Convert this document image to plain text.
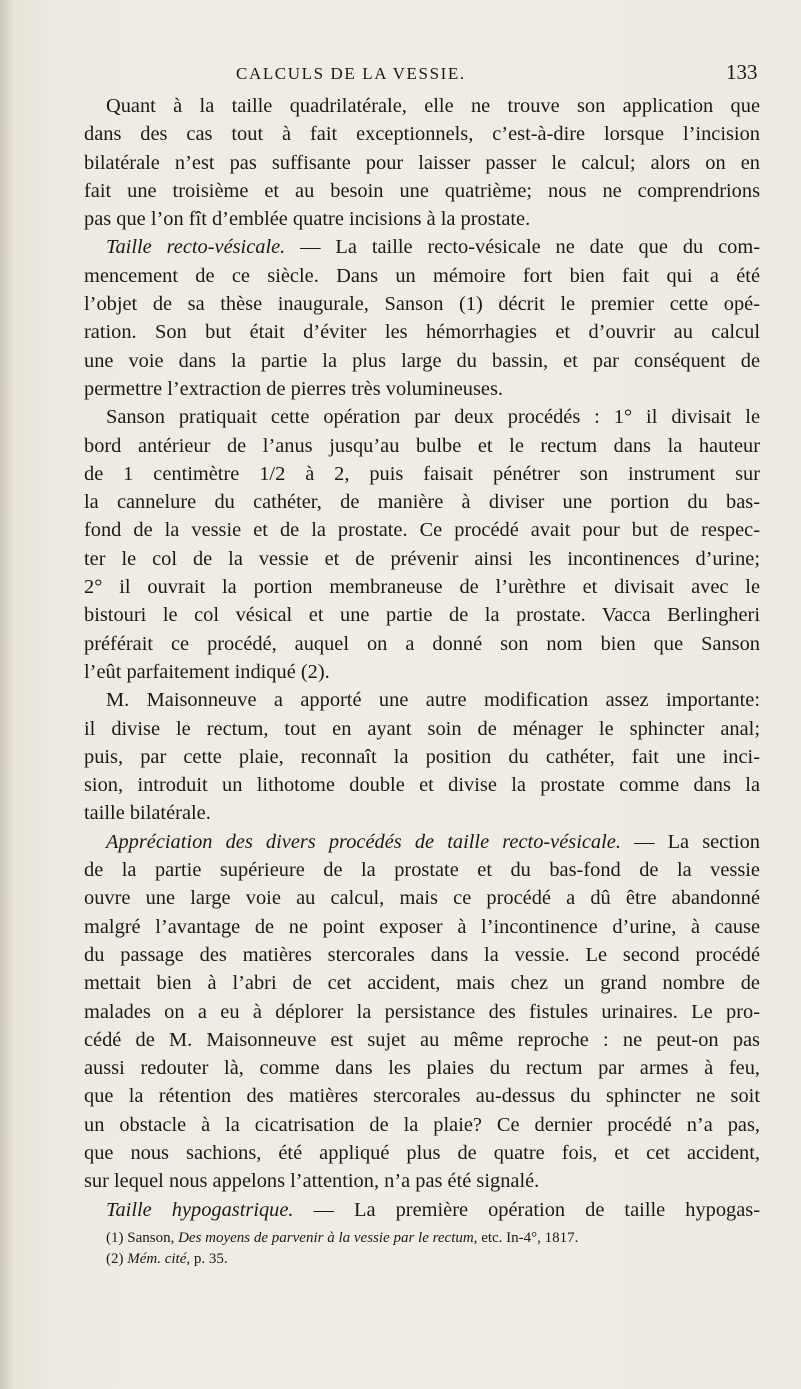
CALCULS DE LA VESSIE.	133
Quant à la taille quadrilatérale, elle ne trouve son application que
dans des cas tout à fait exceptionnels, c’est-à-dire lorsque l’incision
bilatérale n’est pas suffisante pour laisser passer le calcul; alors on en
fait une troisième et au besoin une quatrième; nous ne comprendrions
pas que l’on fît d’emblée quatre incisions à la prostate.
Taille recto-vésicale. — La taille recto-vésicale ne date que du com-
mencement de ce siècle. Dans un mémoire fort bien fait qui a été
l’objet de sa thèse inaugurale, Sanson (1) décrit le premier cette opé-
ration. Son but était d’éviter les hémorrhagies et d’ouvrir au calcul
une voie dans la partie la plus large du bassin, et par conséquent de
permettre l’extraction de pierres très volumineuses.
Sanson pratiquait cette opération par deux procédés : 1° il divisait le
bord antérieur de l’anus jusqu’au bulbe et le rectum dans la hauteur
de 1 centimètre 1/2 à 2, puis faisait pénétrer son instrument sur
la cannelure du cathéter, de manière à diviser une portion du bas-
fond de la vessie et de la prostate. Ce procédé avait pour but de respec-
ter le col de la vessie et de prévenir ainsi les incontinences d’urine;
2° il ouvrait la portion membraneuse de l’urèthre et divisait avec le
bistouri le col vésical et une partie de la prostate. Vacca Berlingheri
préférait ce procédé, auquel on a donné son nom bien que Sanson
l’eût parfaitement indiqué (2).
M. Maisonneuve a apporté une autre modification assez importante:
il divise le rectum, tout en ayant soin de ménager le sphincter anal;
puis, par cette plaie, reconnaît la position du cathéter, fait une inci-
sion, introduit un lithotome double et divise la prostate comme dans la
taille bilatérale.
Appréciation des divers procédés de taille recto-vésicale. — La section
de la partie supérieure de la prostate et du bas-fond de la vessie
ouvre une large voie au calcul, mais ce procédé a dû être abandonné
malgré l’avantage de ne point exposer à l’incontinence d’urine, à cause
du passage des matières stercorales dans la vessie. Le second procédé
mettait bien à l’abri de cet accident, mais chez un grand nombre de
malades on a eu à déplorer la persistance des fistules urinaires. Le pro-
cédé de M. Maisonneuve est sujet au même reproche : ne peut-on pas
aussi redouter là, comme dans les plaies du rectum par armes à feu,
que la rétention des matières stercorales au-dessus du sphincter ne soit
un obstacle à la cicatrisation de la plaie? Ce dernier procédé n’a pas,
que nous sachions, été appliqué plus de quatre fois, et cet accident,
sur lequel nous appelons l’attention, n’a pas été signalé.
Taille hypogastrique. — La première opération de taille hypogas-
(1) Sanson, Des moyens de parvenir à la vessie par le rectum, etc. In-4°, 1817.
(2) Mém. cité, p. 35.
